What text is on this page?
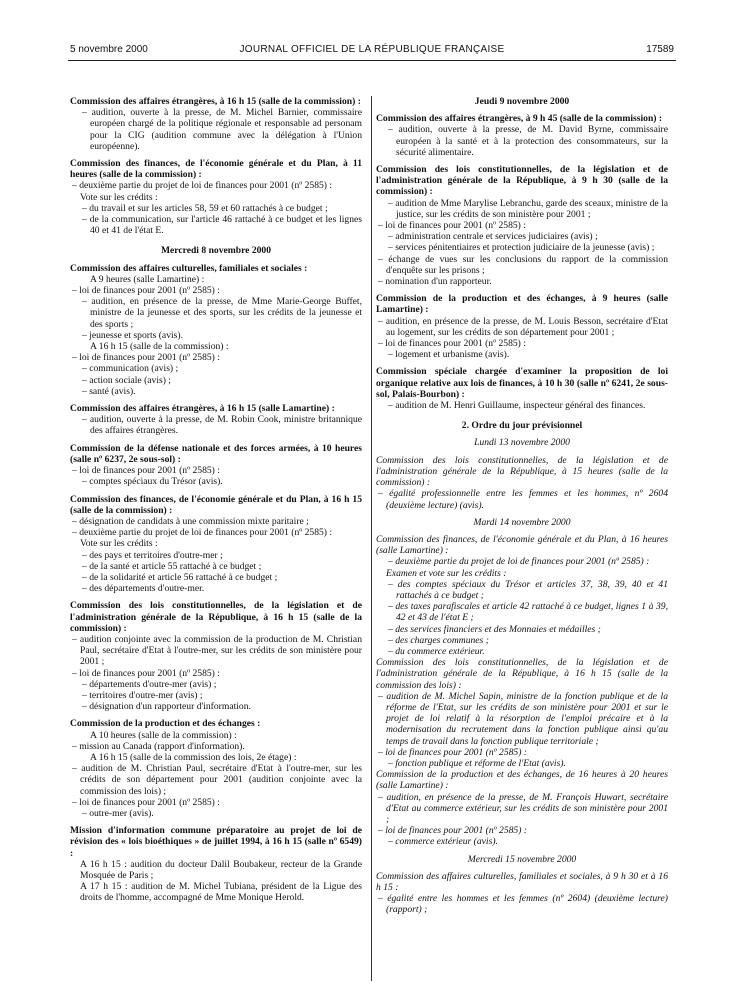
5 novembre 2000	JOURNAL OFFICIEL DE LA RÉPUBLIQUE FRANÇAISE	17589
Commission des affaires étrangères, à 16 h 15 (salle de la commission) :
– audition, ouverte à la presse, de M. Michel Barnier, commissaire européen chargé de la politique régionale et responsable ad personam pour la CIG (audition commune avec la délégation à l'Union européenne).
Commission des finances, de l'économie générale et du Plan, à 11 heures (salle de la commission) :
– deuxième partie du projet de loi de finances pour 2001 (nº 2585) :
Vote sur les crédits :
– du travail et sur les articles 58, 59 et 60 rattachés à ce budget ;
– de la communication, sur l'article 46 rattaché à ce budget et les lignes 40 et 41 de l'état E.
Mercredi 8 novembre 2000
Commission des affaires culturelles, familiales et sociales :
A 9 heures (salle Lamartine) :
– loi de finances pour 2001 (nº 2585) :
– audition, en présence de la presse, de Mme Marie-George Buffet, ministre de la jeunesse et des sports, sur les crédits de la jeunesse et des sports ;
– jeunesse et sports (avis).
A 16 h 15 (salle de la commission) :
– loi de finances pour 2001 (nº 2585) :
– communication (avis) ;
– action sociale (avis) ;
– santé (avis).
Commission des affaires étrangères, à 16 h 15 (salle Lamartine) :
– audition, ouverte à la presse, de M. Robin Cook, ministre britannique des affaires étrangères.
Commission de la défense nationale et des forces armées, à 10 heures (salle nº 6237, 2e sous-sol) :
– loi de finances pour 2001 (nº 2585) :
– comptes spéciaux du Trésor (avis).
Commission des finances, de l'économie générale et du Plan, à 16 h 15 (salle de la commission) :
– désignation de candidats à une commission mixte paritaire ;
– deuxième partie du projet de loi de finances pour 2001 (nº 2585) :
Vote sur les crédits :
– des pays et territoires d'outre-mer ;
– de la santé et article 55 rattaché à ce budget ;
– de la solidarité et article 56 rattaché à ce budget ;
– des départements d'outre-mer.
Commission des lois constitutionnelles, de la législation et de l'administration générale de la République, à 16 h 15 (salle de la commission) :
– audition conjointe avec la commission de la production de M. Christian Paul, secrétaire d'Etat à l'outre-mer, sur les crédits de son ministère pour 2001 ;
– loi de finances pour 2001 (nº 2585) :
– départements d'outre-mer (avis) ;
– territoires d'outre-mer (avis) ;
– désignation d'un rapporteur d'information.
Commission de la production et des échanges :
A 10 heures (salle de la commission) :
– mission au Canada (rapport d'information).
A 16 h 15 (salle de la commission des lois, 2e étage) :
– audition de M. Christian Paul, secrétaire d'Etat à l'outre-mer, sur les crédits de son département pour 2001 (audition conjointe avec la commission des lois) ;
– loi de finances pour 2001 (nº 2585) :
– outre-mer (avis).
Mission d'information commune préparatoire au projet de loi de révision des « lois bioéthiques » de juillet 1994, à 16 h 15 (salle nº 6549) :
A 16 h 15 : audition du docteur Dalil Boubakeur, recteur de la Grande Mosquée de Paris ;
A 17 h 15 : audition de M. Michel Tubiana, président de la Ligue des droits de l'homme, accompagné de Mme Monique Herold.
Jeudi 9 novembre 2000
Commission des affaires étrangères, à 9 h 45 (salle de la commission) :
– audition, ouverte à la presse, de M. David Byrne, commissaire européen à la santé et à la protection des consommateurs, sur la sécurité alimentaire.
Commission des lois constitutionnelles, de la législation et de l'administration générale de la République, à 9 h 30 (salle de la commission) :
– audition de Mme Marylise Lebranchu, garde des sceaux, ministre de la justice, sur les crédits de son ministère pour 2001 ;
– loi de finances pour 2001 (nº 2585) :
– administration centrale et services judiciaires (avis) ;
– services pénitentiaires et protection judiciaire de la jeunesse (avis) ;
– échange de vues sur les conclusions du rapport de la commission d'enquête sur les prisons ;
– nomination d'un rapporteur.
Commission de la production et des échanges, à 9 heures (salle Lamartine) :
– audition, en présence de la presse, de M. Louis Besson, secrétaire d'Etat au logement, sur les crédits de son département pour 2001 ;
– loi de finances pour 2001 (nº 2585) :
– logement et urbanisme (avis).
Commission spéciale chargée d'examiner la proposition de loi organique relative aux lois de finances, à 10 h 30 (salle nº 6241, 2e sous-sol, Palais-Bourbon) :
– audition de M. Henri Guillaume, inspecteur général des finances.
2. Ordre du jour prévisionnel
Lundi 13 novembre 2000
Commission des lois constitutionnelles, de la législation et de l'administration générale de la République, à 15 heures (salle de la commission) :
– égalité professionnelle entre les femmes et les hommes, nº 2604 (deuxième lecture) (avis).
Mardi 14 novembre 2000
Commission des finances, de l'économie générale et du Plan, à 16 heures (salle Lamartine) :
– deuxième partie du projet de loi de finances pour 2001 (nº 2585) :
Examen et vote sur les crédits :
– des comptes spéciaux du Trésor et articles 37, 38, 39, 40 et 41 rattachés à ce budget ;
– des taxes parafiscales et article 42 rattaché à ce budget, lignes 1 à 39, 42 et 43 de l'état E ;
– des services financiers et des Monnaies et médailles ;
– des charges communes ;
– du commerce extérieur.
Commission des lois constitutionnelles, de la législation et de l'administration générale de la République, à 16 h 15 (salle de la commission des lois) :
– audition de M. Michel Sapin, ministre de la fonction publique et de la réforme de l'Etat, sur les crédits de son ministère pour 2001 et sur le projet de loi relatif à la résorption de l'emploi précaire et à la modernisation du recrutement dans la fonction publique ainsi qu'au temps de travail dans la fonction publique territoriale ;
– loi de finances pour 2001 (nº 2585) :
– fonction publique et réforme de l'Etat (avis).
Commission de la production et des échanges, de 16 heures à 20 heures (salle Lamartine) :
– audition, en présence de la presse, de M. François Huwart, secrétaire d'Etat au commerce extérieur, sur les crédits de son ministère pour 2001 ;
– loi de finances pour 2001 (nº 2585) :
– commerce extérieur (avis).
Mercredi 15 novembre 2000
Commission des affaires culturelles, familiales et sociales, à 9 h 30 et à 16 h 15 :
– égalité entre les hommes et les femmes (nº 2604) (deuxième lecture) (rapport) ;
